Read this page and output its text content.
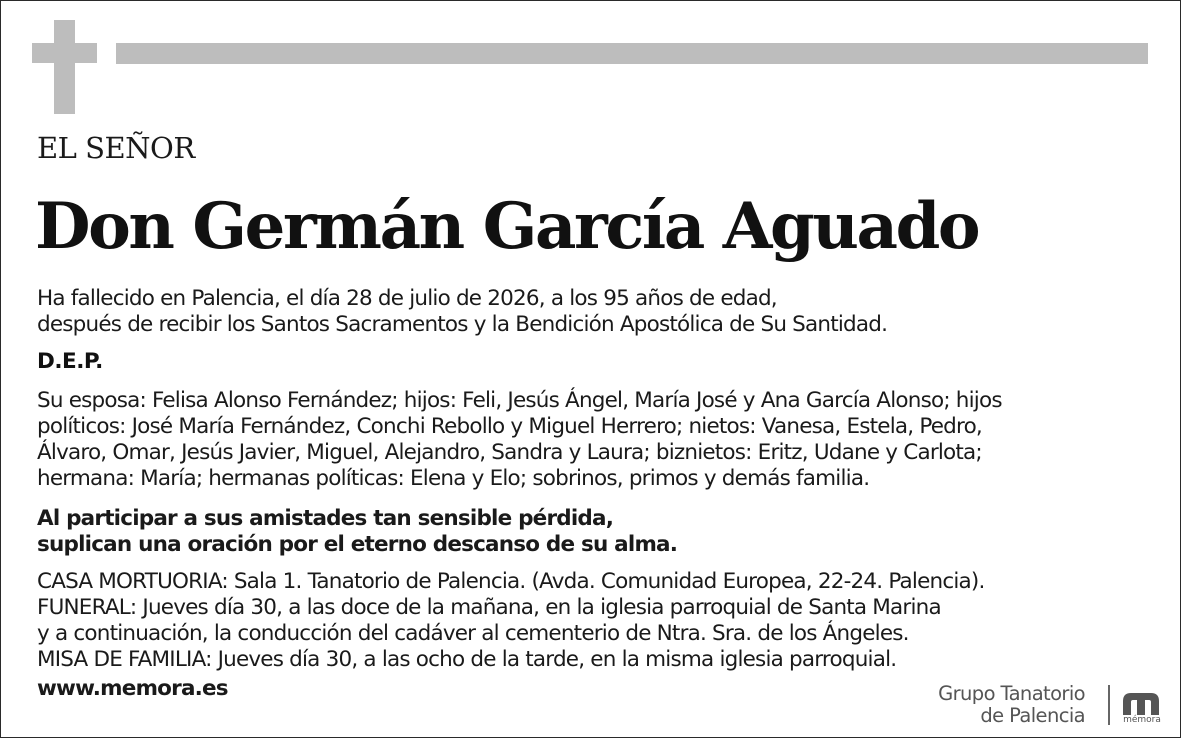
EL SEÑOR
Don Germán García Aguado
Ha fallecido en Palencia, el día 28 de julio de 2026, a los 95 años de edad,
después de recibir los Santos Sacramentos y la Bendición Apostólica de Su Santidad.
D.E.P.
Su esposa: Felisa Alonso Fernández; hijos: Feli, Jesús Ángel, María José y Ana García Alonso; hijos
políticos: José María Fernández, Conchi Rebollo y Miguel Herrero; nietos: Vanesa, Estela, Pedro,
Álvaro, Omar, Jesús Javier, Miguel, Alejandro, Sandra y Laura; biznietos: Eritz, Udane y Carlota;
hermana: María; hermanas políticas: Elena y Elo; sobrinos, primos y demás familia.
Al participar a sus amistades tan sensible pérdida,
suplican una oración por el eterno descanso de su alma.
CASA MORTUORIA: Sala 1. Tanatorio de Palencia. (Avda. Comunidad Europea, 22-24. Palencia).
FUNERAL: Jueves día 30, a las doce de la mañana, en la iglesia parroquial de Santa Marina
y a continuación, la conducción del cadáver al cementerio de Ntra. Sra. de los Ángeles.
MISA DE FAMILIA: Jueves día 30, a las ocho de la tarde, en la misma iglesia parroquial.
www.memora.es	Grupo Tanatorio
de Palencia	mémora
